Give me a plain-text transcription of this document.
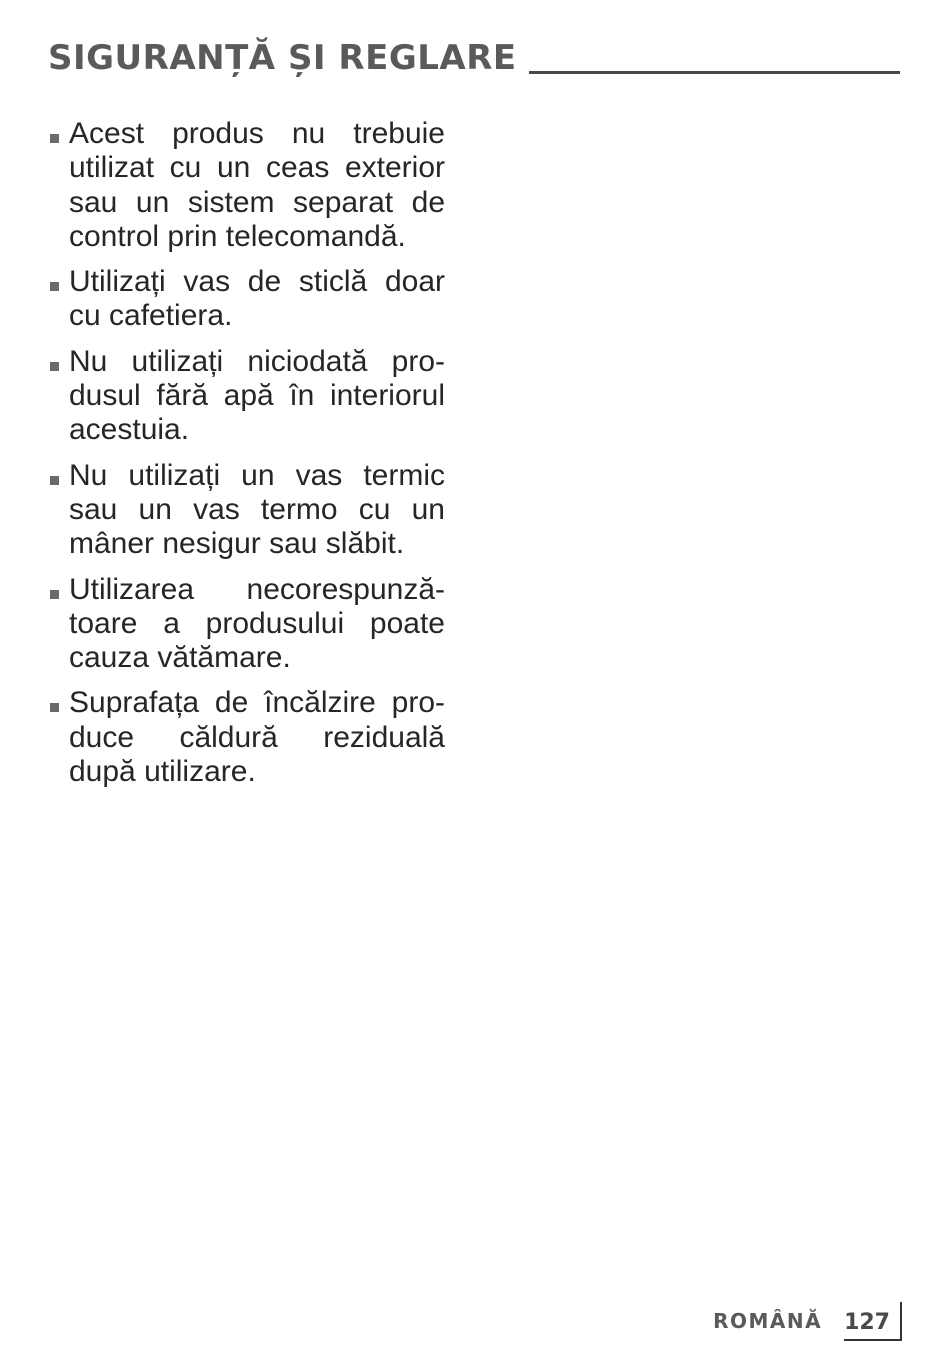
SIGURANȚĂ ȘI REGLARE
Acest produs nu trebuie utilizat cu un ceas exterior sau un sistem separat de control prin telecomandă.
Utilizați vas de sticlă doar cu cafetiera.
Nu utilizați niciodată pro-dusul fără apă în interiorul acestuia.
Nu utilizați un vas termic sau un vas termo cu un mâner nesigur sau slăbit.
Utilizarea necorespunză-toare a produsului poate cauza vătămare.
Suprafața de încălzire pro-duce căldură reziduală după utilizare.
ROMÂNĂ 127
